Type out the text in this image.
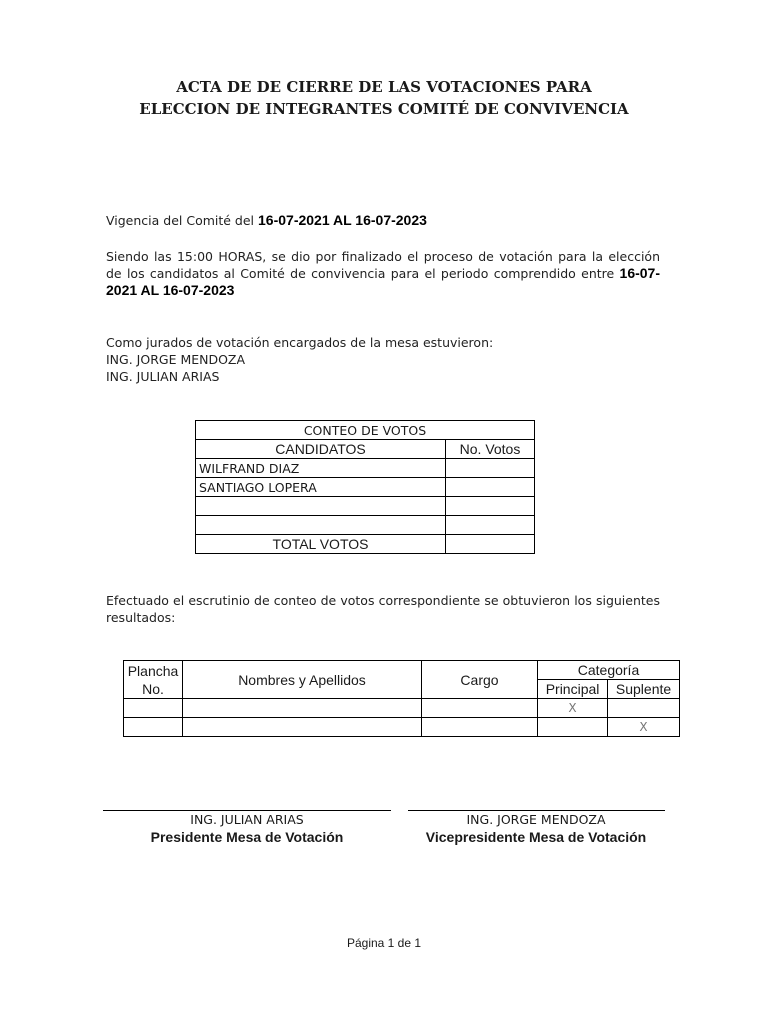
ACTA DE DE CIERRE DE LAS VOTACIONES PARA
ELECCION DE INTEGRANTES COMITÉ DE CONVIVENCIA
Vigencia del Comité del 16-07-2021 AL 16-07-2023
Siendo las 15:00 HORAS, se dio por finalizado el proceso de votación para la elección de los candidatos al Comité de convivencia para el periodo comprendido entre 16-07-2021 AL 16-07-2023
Como jurados de votación encargados de la mesa estuvieron:
ING. JORGE MENDOZA
ING. JULIAN ARIAS
CONTEO DE VOTOS	
CANDIDATOS	No. Votos
WILFRAND DIAZ	
SANTIAGO LOPERA	

TOTAL VOTOS	
Efectuado el escrutinio de conteo de votos correspondiente se obtuvieron los siguientes resultados:
Plancha No.	Nombres y Apellidos	Cargo	Categoría	
			Principal	Suplente
			X	
				X
ING. JULIAN ARIAS
Presidente Mesa de Votación
ING. JORGE MENDOZA
Vicepresidente Mesa de Votación
Página 1 de 1
